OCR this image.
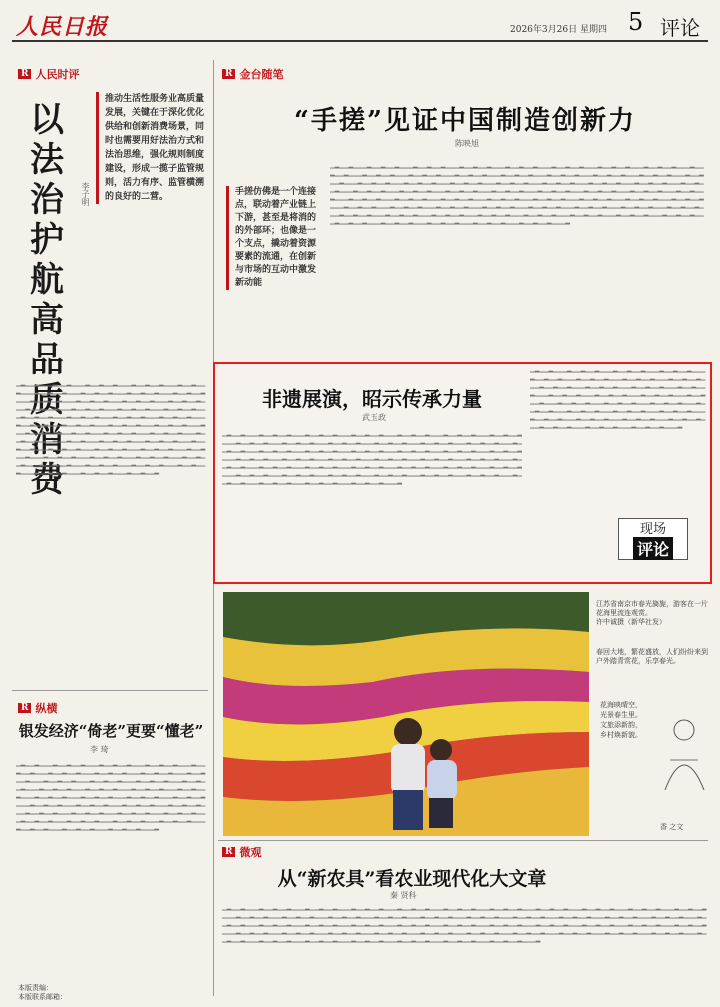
人民日报	2026年3月26日 星期四 5 评论
R 人民时评
以法治护航高品质消费
推动生活性服务业高质量发展，关键在于深化优化供给和创新消费场景，同时也需要用好法治方式和法治思维，强化规则制度建设，形成一揽子监管规则，活力有序、监管横溯的良好的二营。
李子明
▁▂▁▁▂▁▁▁▂▁▁▂▁▁▁▂▁▁▂▁▁▂▁▁▁▂▁▁▂▁▁▂▁▁▁▂▁▁▂▁▁▂▁▁▁▂▁▁▂▁▁▂▁▁▁▂▁▁▂▁▁▂▁▁▁▂▁▁▂▁▁▂▁▁▁▂▁▁▂▁▁▂▁▁▁▂▁▁▂▁▁▂▁▁▁▂▁▁▂▁▁▂▁▁▁▂▁▁▂▁▁▂▁▁▁▂▁▁▂▁▁▂▁▁▁▂▁▁▂▁▁▂▁▁▁▂▁▁▂▁▁▂▁▁▁▂▁▁▂▁▁▂▁▁▁▂▁▁▂▁▁▂▁▁▁▂▁▁▂▁▁▂▁▁▁▂▁▁▂▁▁▂▁▁▁▂▁▁▂▁▁▂▁▁▁▂▁▁▂▁▁▂▁▁▁▂▁▁▂▁▁▂▁▁▁▂▁▁▂▁▁▂▁▁▁▂▁▁▂▁▁▂▁▁▁▂▁▁▂▁▁▂▁▁▁▂▁▁▂▁▁▂▁▁▁▂▁▁▂▁▁▂▁▁▁▂▁▁▂▁▁▂▁▁▁▂▁▁▂▁▁▂▁▁▁▂▁▁▂▁▁▂▁▁▁▂▁▁▂▁▁▂▁▁▁▂▁▁▂▁▁▂▁▁▁▂▁▁▂▁▁▂▁▁▁▂▁▁▂▁▁▂▁▁▁▂▁▁▂▁▁▂▁▁▁▂▁▁▂▁▁▂▁▁▁▂▁▁▂▁▁▂▁▁▁▂▁▁▂▁▁▂▁▁▁▂▁▁▂▁▁▂▁▁▁▂▁▁▂▁▁▂▁▁▁▂▁▁▂▁▁▂▁▁▁▂▁▁▂▁▁▂▁▁▁▂▁▁▂▁▁▂▁▁▁▂▁▁▂▁▁▂▁▁▁▂▁▁▂▁▁▂▁▁▁▂▁▁▂▁▁▂▁▁▁▂▁▁▂▁▁▂▁▁▁▂▁▁▂▁▁▂▁▁▁▂▁▁▂▁▁▂
R 纵横
银发经济“倚老”更要“懂老”
李 琦
▁▂▁▁▂▁▁▁▂▁▁▂▁▁▂▁▁▁▂▁▁▂▁▁▂▁▁▁▂▁▁▂▁▁▂▁▁▁▂▁▁▂▁▁▂▁▁▁▂▁▁▂▁▁▂▁▁▁▂▁▁▂▁▁▂▁▁▁▂▁▁▂▁▁▂▁▁▁▂▁▁▂▁▁▂▁▁▁▂▁▁▂▁▁▂▁▁▁▂▁▁▂▁▁▂▁▁▁▂▁▁▂▁▁▂▁▁▁▂▁▁▂▁▁▂▁▁▁▂▁▁▂▁▁▂▁▁▁▂▁▁▂▁▁▂▁▁▁▂▁▁▂▁▁▂▁▁▁▂▁▁▂▁▁▂▁▁▁▂▁▁▂▁▁▂▁▁▁▂▁▁▂▁▁▂▁▁▁▂▁▁▂▁▁▂▁▁▁▂▁▁▂▁▁▂▁▁▁▂▁▁▂▁▁▂▁▁▁▂▁▁▂▁▁▂▁▁▁▂▁▁▂▁▁▂▁▁▁▂▁▁▂▁▁▂▁▁▁▂▁▁▂▁▁▂▁▁▁▂▁▁▂▁▁▂▁▁▁▂▁▁▂▁▁▂▁▁▁▂▁▁▂▁▁▂▁▁▁▂▁▁▂▁▁▂▁▁▁▂▁▁▂▁▁▂▁▁▁▂▁▁▂▁▁▂▁▁▁▂▁▁▂▁▁▂▁▁▁▂▁▁▂▁▁▂▁▁▁▂▁▁▂▁▁▂▁▁▁▂▁▁▂▁▁▂▁▁▁▂
本版责编：
本版联系邮箱：
R 金台随笔
“手搓”见证中国制造创新力
陈映旭
手搓仿佛是一个连接点，联动着产业链上下游，甚至是将消的的外部环；也像是一个支点，撬动着资源要素的流通，在创新与市场的互动中激发新动能
▁▂▁▁▂▁▁▁▂▁▁▂▁▁▂▁▁▁▂▁▁▂▁▁▂▁▁▁▂▁▁▂▁▁▂▁▁▁▂▁▁▂▁▁▂▁▁▁▂▁▁▂▁▁▂▁▁▁▂▁▁▂▁▁▂▁▁▁▂▁▁▂▁▁▂▁▁▁▂▁▁▂▁▁▂▁▁▁▂▁▁▂▁▁▂▁▁▁▂▁▁▂▁▁▂▁▁▁▂▁▁▂▁▁▂▁▁▁▂▁▁▂▁▁▂▁▁▁▂▁▁▂▁▁▂▁▁▁▂▁▁▂▁▁▂▁▁▁▂▁▁▂▁▁▂▁▁▁▂▁▁▂▁▁▂▁▁▁▂▁▁▂▁▁▂▁▁▁▂▁▁▂▁▁▂▁▁▁▂▁▁▂▁▁▂▁▁▁▂▁▁▂▁▁▂▁▁▁▂▁▁▂▁▁▂▁▁▁▂▁▁▂▁▁▂▁▁▁▂▁▁▂▁▁▂▁▁▁▂▁▁▂▁▁▂▁▁▁▂▁▁▂▁▁▂▁▁▁▂▁▁▂▁▁▂▁▁▁▂▁▁▂▁▁▂▁▁▁▂▁▁▂▁▁▂▁▁▁▂▁▁▂▁▁▂▁▁▁▂▁▁▂▁▁▂▁▁▁▂▁▁▂▁▁▂▁▁▁▂▁▁▂▁▁▂▁▁▁▂▁▁▂▁▁▂▁▁▁▂▁▁▂▁▁▂▁▁▁▂▁▁▂▁▁▂▁▁▁▂▁▁▂▁▁▂▁▁▁▂▁▁▂▁▁▂▁▁▁▂▁▁▂▁▁▂▁▁▁▂▁▁▂▁▁▂▁▁▁▂▁▁▂▁▁▂▁▁▁▂▁▁▂▁▁▂▁▁▁▂▁▁▂▁▁▂▁▁▁▂▁▁▂▁▁▂▁▁▁▂▁▁▂▁▁▂▁▁▁▂▁▁▂▁▁▂▁▁▁▂▁▁▂▁▁▂▁▁▁▂▁▁▂▁▁▂▁▁▁▂▁▁▂▁▁▂▁▁▁▂▁▁▂▁▁▂▁▁▁▂▁▁▂▁▁▂▁▁▁▂▁▁▂▁▁▂▁▁▁▂▁▁▂▁▁▂▁▁▁▂▁▁▂▁▁▂▁▁▁▂▁▁▂▁▁▂▁▁▁▂▁▁▂▁▁▂▁▁▁▂▁▁▂▁▁▂▁▁▁▂▁▁▂▁▁▂▁▁▁▂▁▁▂▁▁▂▁▁▁▂▁▁▂▁▁▂▁▁▁▂▁▁▂▁▁▂▁▁▁▂▁▁▂▁▁▂▁▁▁▂
非遗展演，昭示传承力量
武玉政
▁▂▁▁▂▁▁▁▂▁▁▂▁▁▂▁▁▁▂▁▁▂▁▁▂▁▁▁▂▁▁▂▁▁▂▁▁▁▂▁▁▂▁▁▂▁▁▁▂▁▁▂▁▁▂▁▁▁▂▁▁▂▁▁▂▁▁▁▂▁▁▂▁▁▂▁▁▁▂▁▁▂▁▁▂▁▁▁▂▁▁▂▁▁▂▁▁▁▂▁▁▂▁▁▂▁▁▁▂▁▁▂▁▁▂▁▁▁▂▁▁▂▁▁▂▁▁▁▂▁▁▂▁▁▂▁▁▁▂▁▁▂▁▁▂▁▁▁▂▁▁▂▁▁▂▁▁▁▂▁▁▂▁▁▂▁▁▁▂▁▁▂▁▁▂▁▁▁▂▁▁▂▁▁▂▁▁▁▂▁▁▂▁▁▂▁▁▁▂▁▁▂▁▁▂▁▁▁▂▁▁▂▁▁▂▁▁▁▂▁▁▂▁▁▂▁▁▁▂▁▁▂▁▁▂▁▁▁▂▁▁▂▁▁▂▁▁▁▂▁▁▂▁▁▂▁▁▁▂▁▁▂▁▁▂▁▁▁▂▁▁▂▁▁▂▁▁▁▂▁▁▂▁▁▂▁▁▁▂▁▁▂▁▁▂▁▁▁▂▁▁▂▁▁▂▁▁▁▂▁▁▂▁▁▂▁▁▁▂▁▁▂▁▁▂▁▁▁▂▁▁▂▁▁▂▁▁▁▂▁▁▂▁▁▂▁▁▁▂▁▁▂▁▁▂▁▁▁▂▁▁▂▁▁▂▁▁▁▂▁▁▂▁▁▂▁▁▁▂▁▁▂▁▁▂▁▁▁▂▁▁▂▁▁▂▁▁▁▂▁▁▂▁▁▂▁▁▁▂▁▁▂▁▁▂▁▁▁▂▁▁▂▁▁▂▁▁▁▂
▁▂▁▁▂▁▁▁▂▁▁▂▁▁▂▁▁▁▂▁▁▂▁▁▂▁▁▁▂▁▁▂▁▁▂▁▁▁▂▁▁▂▁▁▂▁▁▁▂▁▁▂▁▁▂▁▁▁▂▁▁▂▁▁▂▁▁▁▂▁▁▂▁▁▂▁▁▁▂▁▁▂▁▁▂▁▁▁▂▁▁▂▁▁▂▁▁▁▂▁▁▂▁▁▂▁▁▁▂▁▁▂▁▁▂▁▁▁▂▁▁▂▁▁▂▁▁▁▂▁▁▂▁▁▂▁▁▁▂▁▁▂▁▁▂▁▁▁▂▁▁▂▁▁▂▁▁▁▂▁▁▂▁▁▂▁▁▁▂▁▁▂▁▁▂▁▁▁▂▁▁▂▁▁▂▁▁▁▂▁▁▂▁▁▂▁▁▁▂▁▁▂▁▁▂▁▁▁▂▁▁▂▁▁▂▁▁▁▂▁▁▂▁▁▂▁▁▁▂▁▁▂▁▁▂▁▁▁▂▁▁▂▁▁▂▁▁▁▂▁▁▂▁▁▂▁▁▁▂▁▁▂▁▁▂▁▁▁▂▁▁▂▁▁▂▁▁▁▂▁▁▂▁▁▂▁▁▁▂▁▁▂▁▁▂▁▁▁▂
现场
评论
江苏省南京市春光旖旎，游客在一片花海里流连观赏。
许中诚摄（新华社发）
春回大地，繁花盛放，人们纷纷来到户外踏青赏花，乐享春光。
花海映晴空，
光景春生里。
文旅添新韵，
乡村焕新貌。
香 之文
R 微观
从“新农具”看农业现代化大文章
秦 贤科
▁▂▁▁▂▁▁▁▂▁▁▂▁▁▂▁▁▁▂▁▁▂▁▁▂▁▁▁▂▁▁▂▁▁▂▁▁▁▂▁▁▂▁▁▂▁▁▁▂▁▁▂▁▁▂▁▁▁▂▁▁▂▁▁▂▁▁▁▂▁▁▂▁▁▂▁▁▁▂▁▁▂▁▁▂▁▁▁▂▁▁▂▁▁▂▁▁▁▂▁▁▂▁▁▂▁▁▁▂▁▁▂▁▁▂▁▁▁▂▁▁▂▁▁▂▁▁▁▂▁▁▂▁▁▂▁▁▁▂▁▁▂▁▁▂▁▁▁▂▁▁▂▁▁▂▁▁▁▂▁▁▂▁▁▂▁▁▁▂▁▁▂▁▁▂▁▁▁▂▁▁▂▁▁▂▁▁▁▂▁▁▂▁▁▂▁▁▁▂▁▁▂▁▁▂▁▁▁▂▁▁▂▁▁▂▁▁▁▂▁▁▂▁▁▂▁▁▁▂▁▁▂▁▁▂▁▁▁▂▁▁▂▁▁▂▁▁▁▂▁▁▂▁▁▂▁▁▁▂▁▁▂▁▁▂▁▁▁▂▁▁▂▁▁▂▁▁▁▂▁▁▂▁▁▂▁▁▁▂▁▁▂▁▁▂▁▁▁▂▁▁▂▁▁▂▁▁▁▂▁▁▂▁▁▂▁▁▁▂▁▁▂▁▁▂▁▁▁▂▁▁▂▁▁▂▁▁▁▂▁▁▂▁▁▂▁▁▁▂▁▁▂▁▁▂▁▁▁▂▁▁▂▁▁▂▁▁▁▂▁▁▂▁▁▂▁▁▁▂▁▁▂▁▁▂▁▁▁▂▁▁▂▁▁▂▁▁▁▂▁▁▂▁▁▂▁▁▁▂▁▁▂▁▁▂▁▁▁▂▁▁▂▁▁▂▁▁▁▂▁▁▂▁▁▂▁▁▁▂▁▁▂▁▁▂▁▁▁▂▁▁▂▁▁▂▁▁▁▂▁▁▂▁▁▂▁▁▁▂▁▁▂▁▁▂▁▁▁▂▁▁▂▁▁▂▁▁▁▂
